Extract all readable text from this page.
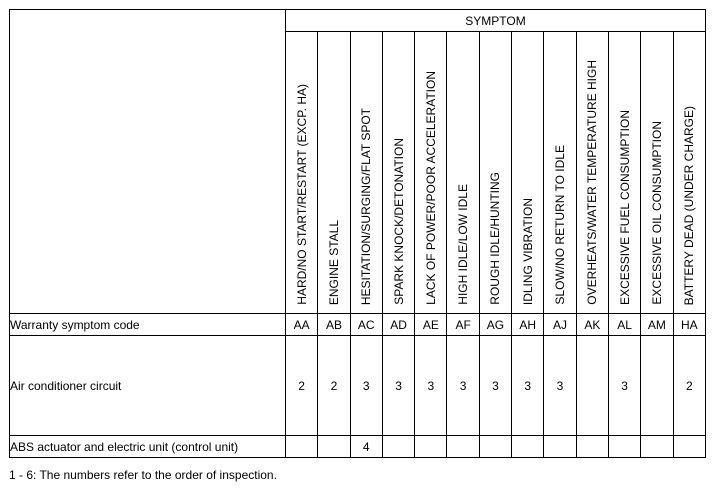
	SYMPTOM												

	HARD/NO START/RESTART (EXCP. HA)	ENGINE STALL	HESITATION/SURGING/FLAT SPOT	SPARK KNOCK/DETONATION	LACK OF POWER/POOR ACCELERATION	HIGH IDLE/LOW IDLE	ROUGH IDLE/HUNTING	IDLING VIBRATION	SLOW/NO RETURN TO IDLE	OVERHEATS/WATER TEMPERATURE HIGH	EXCESSIVE FUEL CONSUMPTION	EXCESSIVE OIL CONSUMPTION	BATTERY DEAD (UNDER CHARGE)

Warranty symptom code	AA	AB	AC	AD	AE	AF	AG	AH	AJ	AK	AL	AM	HA
Air conditioner circuit	2	2	3	3	3	3	3	3	3		3		2
ABS actuator and electric unit (control unit)			4										
1 - 6: The numbers refer to the order of inspection.
